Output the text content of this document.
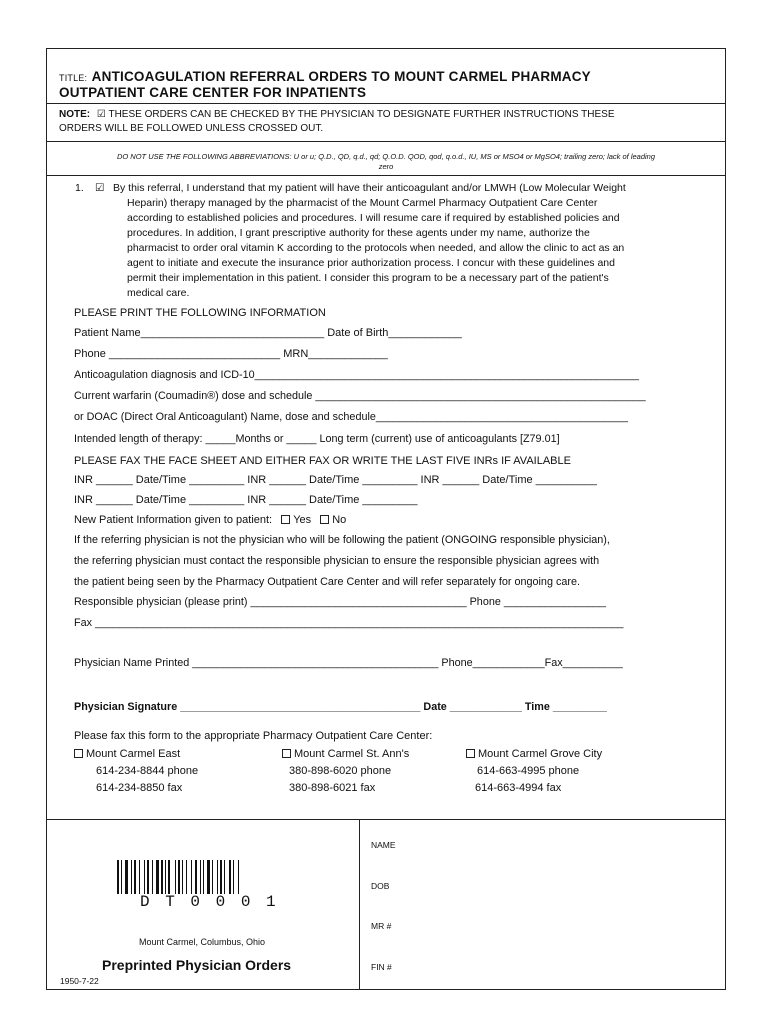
TITLE: ANTICOAGULATION REFERRAL ORDERS TO MOUNT CARMEL PHARMACY
OUTPATIENT CARE CENTER FOR INPATIENTS
NOTE: ☑ THESE ORDERS CAN BE CHECKED BY THE PHYSICIAN TO DESIGNATE FURTHER INSTRUCTIONS THESE
ORDERS WILL BE FOLLOWED UNLESS CROSSED OUT.
DO NOT USE THE FOLLOWING ABBREVIATIONS: U or u; Q.D., QD, q.d., qd; Q.O.D. QOD, qod, q.o.d., IU, MS or MSO4 or MgSO4; trailing zero; lack of leading
zero
1. ☑ By this referral, I understand that my patient will have their anticoagulant and/or LMWH (Low Molecular Weight
Heparin) therapy managed by the pharmacist of the Mount Carmel Pharmacy Outpatient Care Center
according to established policies and procedures. I will resume care if required by established policies and
procedures. In addition, I grant prescriptive authority for these agents under my name, authorize the
pharmacist to order oral vitamin K according to the protocols when needed, and allow the clinic to act as an
agent to initiate and execute the insurance prior authorization process. I concur with these guidelines and
permit their implementation in this patient. I consider this program to be a necessary part of the patient's
medical care.
PLEASE PRINT THE FOLLOWING INFORMATION
Patient Name______________________________ Date of Birth____________
Phone ____________________________ MRN_____________
Anticoagulation diagnosis and ICD-10________________________________________________________________
Current warfarin (Coumadin®) dose and schedule _______________________________________________________
or DOAC (Direct Oral Anticoagulant) Name, dose and schedule__________________________________________
Intended length of therapy: _____Months or _____ Long term (current) use of anticoagulants [Z79.01]
PLEASE FAX THE FACE SHEET AND EITHER FAX OR WRITE THE LAST FIVE INRs IF AVAILABLE
INR ______ Date/Time _________ INR ______ Date/Time _________ INR ______ Date/Time __________
INR ______ Date/Time _________ INR ______ Date/Time _________
New Patient Information given to patient: Yes No
If the referring physician is not the physician who will be following the patient (ONGOING responsible physician),
the referring physician must contact the responsible physician to ensure the responsible physician agrees with
the patient being seen by the Pharmacy Outpatient Care Center and will refer separately for ongoing care.
Responsible physician (please print) ____________________________________ Phone _________________
Fax ________________________________________________________________________________________
Physician Name Printed _________________________________________ Phone____________Fax__________
Physician Signature ________________________________________ Date ____________ Time _________
Please fax this form to the appropriate Pharmacy Outpatient Care Center:
Mount Carmel East
614-234-8844 phone
614-234-8850 fax
Mount Carmel St. Ann's
380-898-6020 phone
380-898-6021 fax
Mount Carmel Grove City
614-663-4995 phone
614-663-4994 fax
NAME
DOB
MR #
FIN #
D T 0 0 0 1
Mount Carmel, Columbus, Ohio
Preprinted Physician Orders
1950-7-22
